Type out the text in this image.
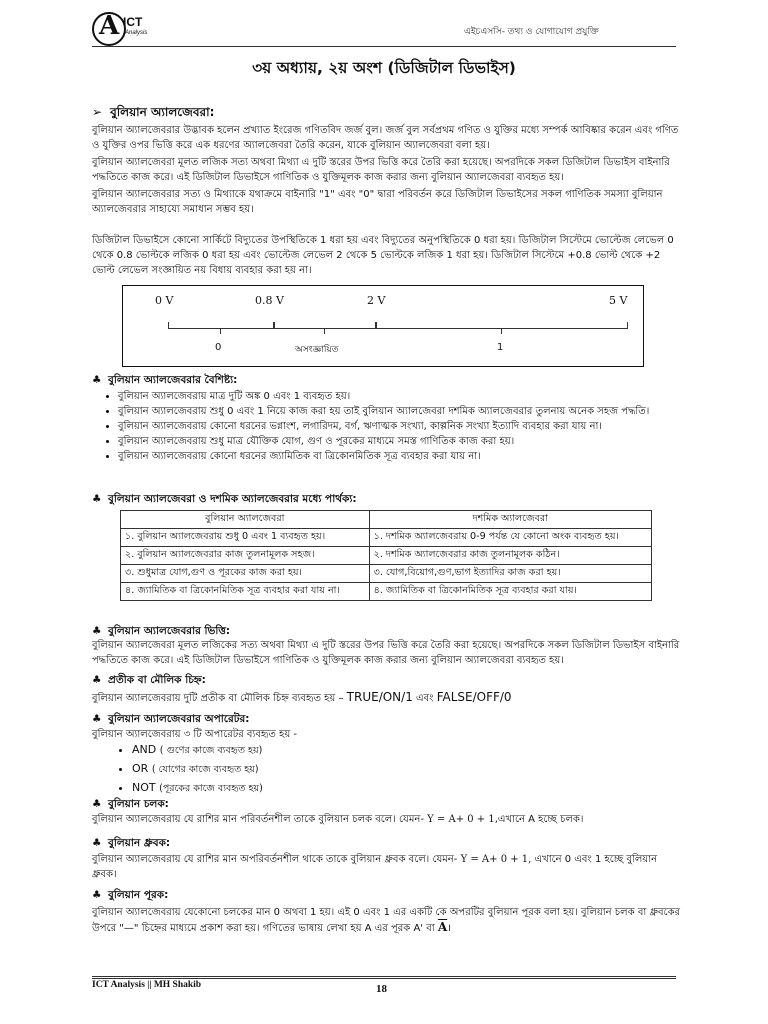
A ICT
Analysis	এইচএসসি- তথ্য ও যোগাযোগ প্রযুক্তি
৩য় অধ্যায়, ২য় অংশ (ডিজিটাল ডিভাইস)
➢ বুলিয়ান অ্যালজেবরা:
বুলিয়ান অ্যালজেবরার উদ্ভাবক হলেন প্রখ্যাত ইংরেজ গণিতবিদ জর্জ বুল। জর্জ বুল সর্বপ্রথম গণিত ও যুক্তির মধ্যে সম্পর্ক আবিষ্কার করেন এবং গণিত ও যুক্তির ওপর ভিত্তি করে এক ধরণের অ্যালজেবরা তৈরি করেন, যাকে বুলিয়ান অ্যালজেবরা বলা হয়।
বুলিয়ান অ্যালজেবরা মূলত লজিক সত্য অথবা মিথ্যা এ দুটি স্তরের উপর ভিত্তি করে তৈরি করা হয়েছে। অপরদিকে সকল ডিজিটাল ডিভাইস বাইনারি পদ্ধতিতে কাজ করে। এই ডিজিটাল ডিভাইসে গাণিতিক ও যুক্তিমূলক কাজ করার জন্য বুলিয়ান অ্যালজেবরা ব্যবহৃত হয়।
বুলিয়ান অ্যালজেবরার সত্য ও মিথ্যাকে যথাক্রমে বাইনারি "1" এবং "0" দ্বারা পরিবর্তন করে ডিজিটাল ডিভাইসের সকল গাণিতিক সমস্যা বুলিয়ান অ্যালজেবরার সাহায্যে সমাধান সম্ভব হয়।
ডিজিটাল ডিভাইসে কোনো সার্কিটে বিদ্যুতের উপস্থিতিকে 1 ধরা হয় এবং বিদ্যুতের অনুপস্থিতিকে 0 ধরা হয়। ডিজিটাল সিস্টেমে ভোল্টেজ লেভেল 0 থেকে 0.8 ভোল্টকে লজিক 0 ধরা হয় এবং ভোল্টেজ লেভেল 2 থেকে 5 ভোল্টকে লজিক 1 ধরা হয়। ডিজিটাল সিস্টেমে +0.8 ভোল্ট থেকে +2 ভোল্ট লেভেল সংজ্ঞায়িত নয় বিধায় ব্যবহার করা হয় না।
0 V	0.8 V	2 V	5 V
0	অসংজ্ঞায়িত	1
♣ বুলিয়ান অ্যালজেবরার বৈশিষ্ট্য:
• বুলিয়ান অ্যালজেবরায় মাত্র দুটি অঙ্ক 0 এবং 1 ব্যবহৃত হয়।
• বুলিয়ান অ্যালজেবরায় শুধু 0 এবং 1 নিয়ে কাজ করা হয় তাই বুলিয়ান অ্যালজেবরা দশমিক অ্যালজেবরার তুলনায় অনেক সহজ পদ্ধতি।
• বুলিয়ান অ্যালজেবরায় কোনো ধরনের ভগ্নাংশ, লগারিদম, বর্গ, ঋণাত্মক সংখ্যা, কাল্পনিক সংখ্যা ইত্যাদি ব্যবহার করা যায় না।
• বুলিয়ান অ্যালজেবরায় শুধু মাত্র যৌক্তিক যোগ, গুণ ও পূরকের মাধ্যমে সমস্ত গাণিতিক কাজ করা হয়।
• বুলিয়ান অ্যালজেবরায় কোনো ধরনের জ্যামিতিক বা ত্রিকোনমিতিক সূত্র ব্যবহার করা যায় না।
♣ বুলিয়ান অ্যালজেবরা ও দশমিক অ্যালজেবরার মধ্যে পার্থক্য:
বুলিয়ান অ্যালজেবরা	দশমিক অ্যালজেবরা
১. বুলিয়ান অ্যালজেবরায় শুধু 0 এবং 1 ব্যবহৃত হয়।	১. দশমিক অ্যালজেবরায় 0-9 পর্যন্ত যে কোনো অংক ব্যবহৃত হয়।
২. বুলিয়ান অ্যালজেবরার কাজ তুলনামূলক সহজ।	২. দশমিক অ্যালজেবরার কাজ তুলনামূলক কঠিন।
৩. শুধুমাত্র যোগ,গুণ ও পূরকের কাজ করা হয়।	৩. যোগ,বিয়োগ,গুণ,ভাগ ইত্যাদির কাজ করা হয়।
৪. জ্যামিতিক বা ত্রিকোনমিতিক সূত্র ব্যবহার করা যায় না।	৪. জ্যামিতিক বা ত্রিকোনমিতিক সূত্র ব্যবহার করা যায়।
♣ বুলিয়ান অ্যালজেবরার ভিত্তি:
বুলিয়ান অ্যালজেবরা মূলত লজিকের সত্য অথবা মিথ্যা এ দুটি স্তরের উপর ভিত্তি করে তৈরি করা হয়েছে। অপরদিকে সকল ডিজিটাল ডিভাইস বাইনারি পদ্ধতিতে কাজ করে। এই ডিজিটাল ডিভাইসে গাণিতিক ও যুক্তিমূলক কাজ করার জন্য বুলিয়ান অ্যালজেবরা ব্যবহৃত হয়।
♣ প্রতীক বা মৌলিক চিহ্ন:
বুলিয়ান অ্যালজেবরায় দুটি প্রতীক বা মৌলিক চিহ্ন ব্যবহৃত হয় – TRUE/ON/1 এবং FALSE/OFF/0
♣ বুলিয়ান অ্যালজেবরার অপারেটর:
বুলিয়ান অ্যালজেবরায় ৩ টি অপারেটর ব্যবহৃত হয় -
• AND ( গুণের কাজে ব্যবহৃত হয়)
• OR ( যোগের কাজে ব্যবহৃত হয়)
• NOT (পূরকের কাজে ব্যবহৃত হয়)
♣ বুলিয়ান চলক:
বুলিয়ান অ্যালজেবরায় যে রাশির মান পরিবর্তনশীল তাকে বুলিয়ান চলক বলে। যেমন- Y = A+ 0 + 1,এখানে A হচ্ছে চলক।
♣ বুলিয়ান ধ্রুবক:
বুলিয়ান অ্যালজেবরায় যে রাশির মান অপরিবর্তনশীল থাকে তাকে বুলিয়ান ধ্রুবক বলে। যেমন- Y = A+ 0 + 1, এখানে 0 এবং 1 হচ্ছে বুলিয়ান ধ্রুবক।
♣ বুলিয়ান পূরক:
বুলিয়ান অ্যালজেবরায় যেকোনো চলকের মান 0 অথবা 1 হয়। এই 0 এবং 1 এর একটি কে অপরটির বুলিয়ান পূরক বলা হয়। বুলিয়ান চলক বা ধ্রুবকের উপরে "—" চিহ্নের মাধ্যমে প্রকাশ করা হয়। গণিতের ভাষায় লেখা হয় A এর পূরক A' বা $\overline{A}।$
ICT Analysis || MH Shakib	18
